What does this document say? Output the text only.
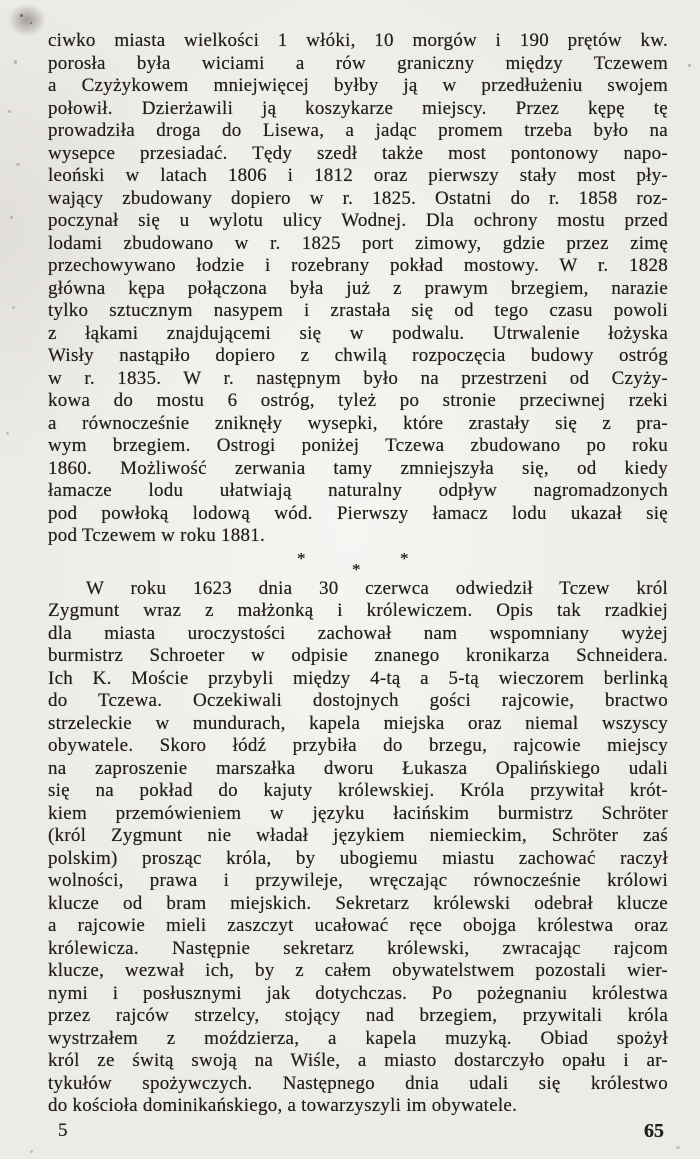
ciwko miasta wielkości 1 włóki, 10 morgów i 190 prętów kw.
porosła była wiciami a rów graniczny między Tczewem
a Czyżykowem mniejwięcej byłby ją w przedłużeniu swojem
połowił. Dzierżawili ją koszykarze miejscy. Przez kępę tę
prowadziła droga do Lisewa, a jadąc promem trzeba było na
wysepce przesiadać. Tędy szedł także most pontonowy napo-
leoński w latach 1806 i 1812 oraz pierwszy stały most pły-
wający zbudowany dopiero w r. 1825. Ostatni do r. 1858 roz-
poczynał się u wylotu ulicy Wodnej. Dla ochrony mostu przed
lodami zbudowano w r. 1825 port zimowy, gdzie przez zimę
przechowywano łodzie i rozebrany pokład mostowy. W r. 1828
główna kępa połączona była już z prawym brzegiem, narazie
tylko sztucznym nasypem i zrastała się od tego czasu powoli
z łąkami znajdującemi się w podwalu. Utrwalenie łożyska
Wisły nastąpiło dopiero z chwilą rozpoczęcia budowy ostróg
w r. 1835. W r. następnym było na przestrzeni od Czyży-
kowa do mostu 6 ostróg, tyleż po stronie przeciwnej rzeki
a równocześnie zniknęły wysepki, które zrastały się z pra-
wym brzegiem. Ostrogi poniżej Tczewa zbudowano po roku
1860. Możliwość zerwania tamy zmniejszyła się, od kiedy
łamacze lodu ułatwiają naturalny odpływ nagromadzonych
pod powłoką lodową wód. Pierwszy łamacz lodu ukazał się
pod Tczewem w roku 1881.
*
*
*
W roku 1623 dnia 30 czerwca odwiedził Tczew król
Zygmunt wraz z małżonką i królewiczem. Opis tak rzadkiej
dla miasta uroczystości zachował nam wspomniany wyżej
burmistrz Schroeter w odpisie znanego kronikarza Schneidera.
Ich K. Moście przybyli między 4-tą a 5-tą wieczorem berlinką
do Tczewa. Oczekiwali dostojnych gości rajcowie, bractwo
strzeleckie w mundurach, kapela miejska oraz niemal wszyscy
obywatele. Skoro łódź przybiła do brzegu, rajcowie miejscy
na zaproszenie marszałka dworu Łukasza Opalińskiego udali
się na pokład do kajuty królewskiej. Króla przywitał krót-
kiem przemówieniem w języku łacińskim burmistrz Schröter
(król Zygmunt nie władał językiem niemieckim, Schröter zaś
polskim) prosząc króla, by ubogiemu miastu zachować raczył
wolności, prawa i przywileje, wręczając równocześnie królowi
klucze od bram miejskich. Sekretarz królewski odebrał klucze
a rajcowie mieli zaszczyt ucałować ręce obojga królestwa oraz
królewicza. Następnie sekretarz królewski, zwracając rajcom
klucze, wezwał ich, by z całem obywatelstwem pozostali wier-
nymi i posłusznymi jak dotychczas. Po pożegnaniu królestwa
przez rajców strzelcy, stojący nad brzegiem, przywitali króla
wystrzałem z moździerza, a kapela muzyką. Obiad spożył
król ze świtą swoją na Wiśle, a miasto dostarczyło opału i ar-
tykułów spożywczych. Następnego dnia udali się królestwo
do kościoła dominikańskiego, a towarzyszyli im obywatele.
5	65
